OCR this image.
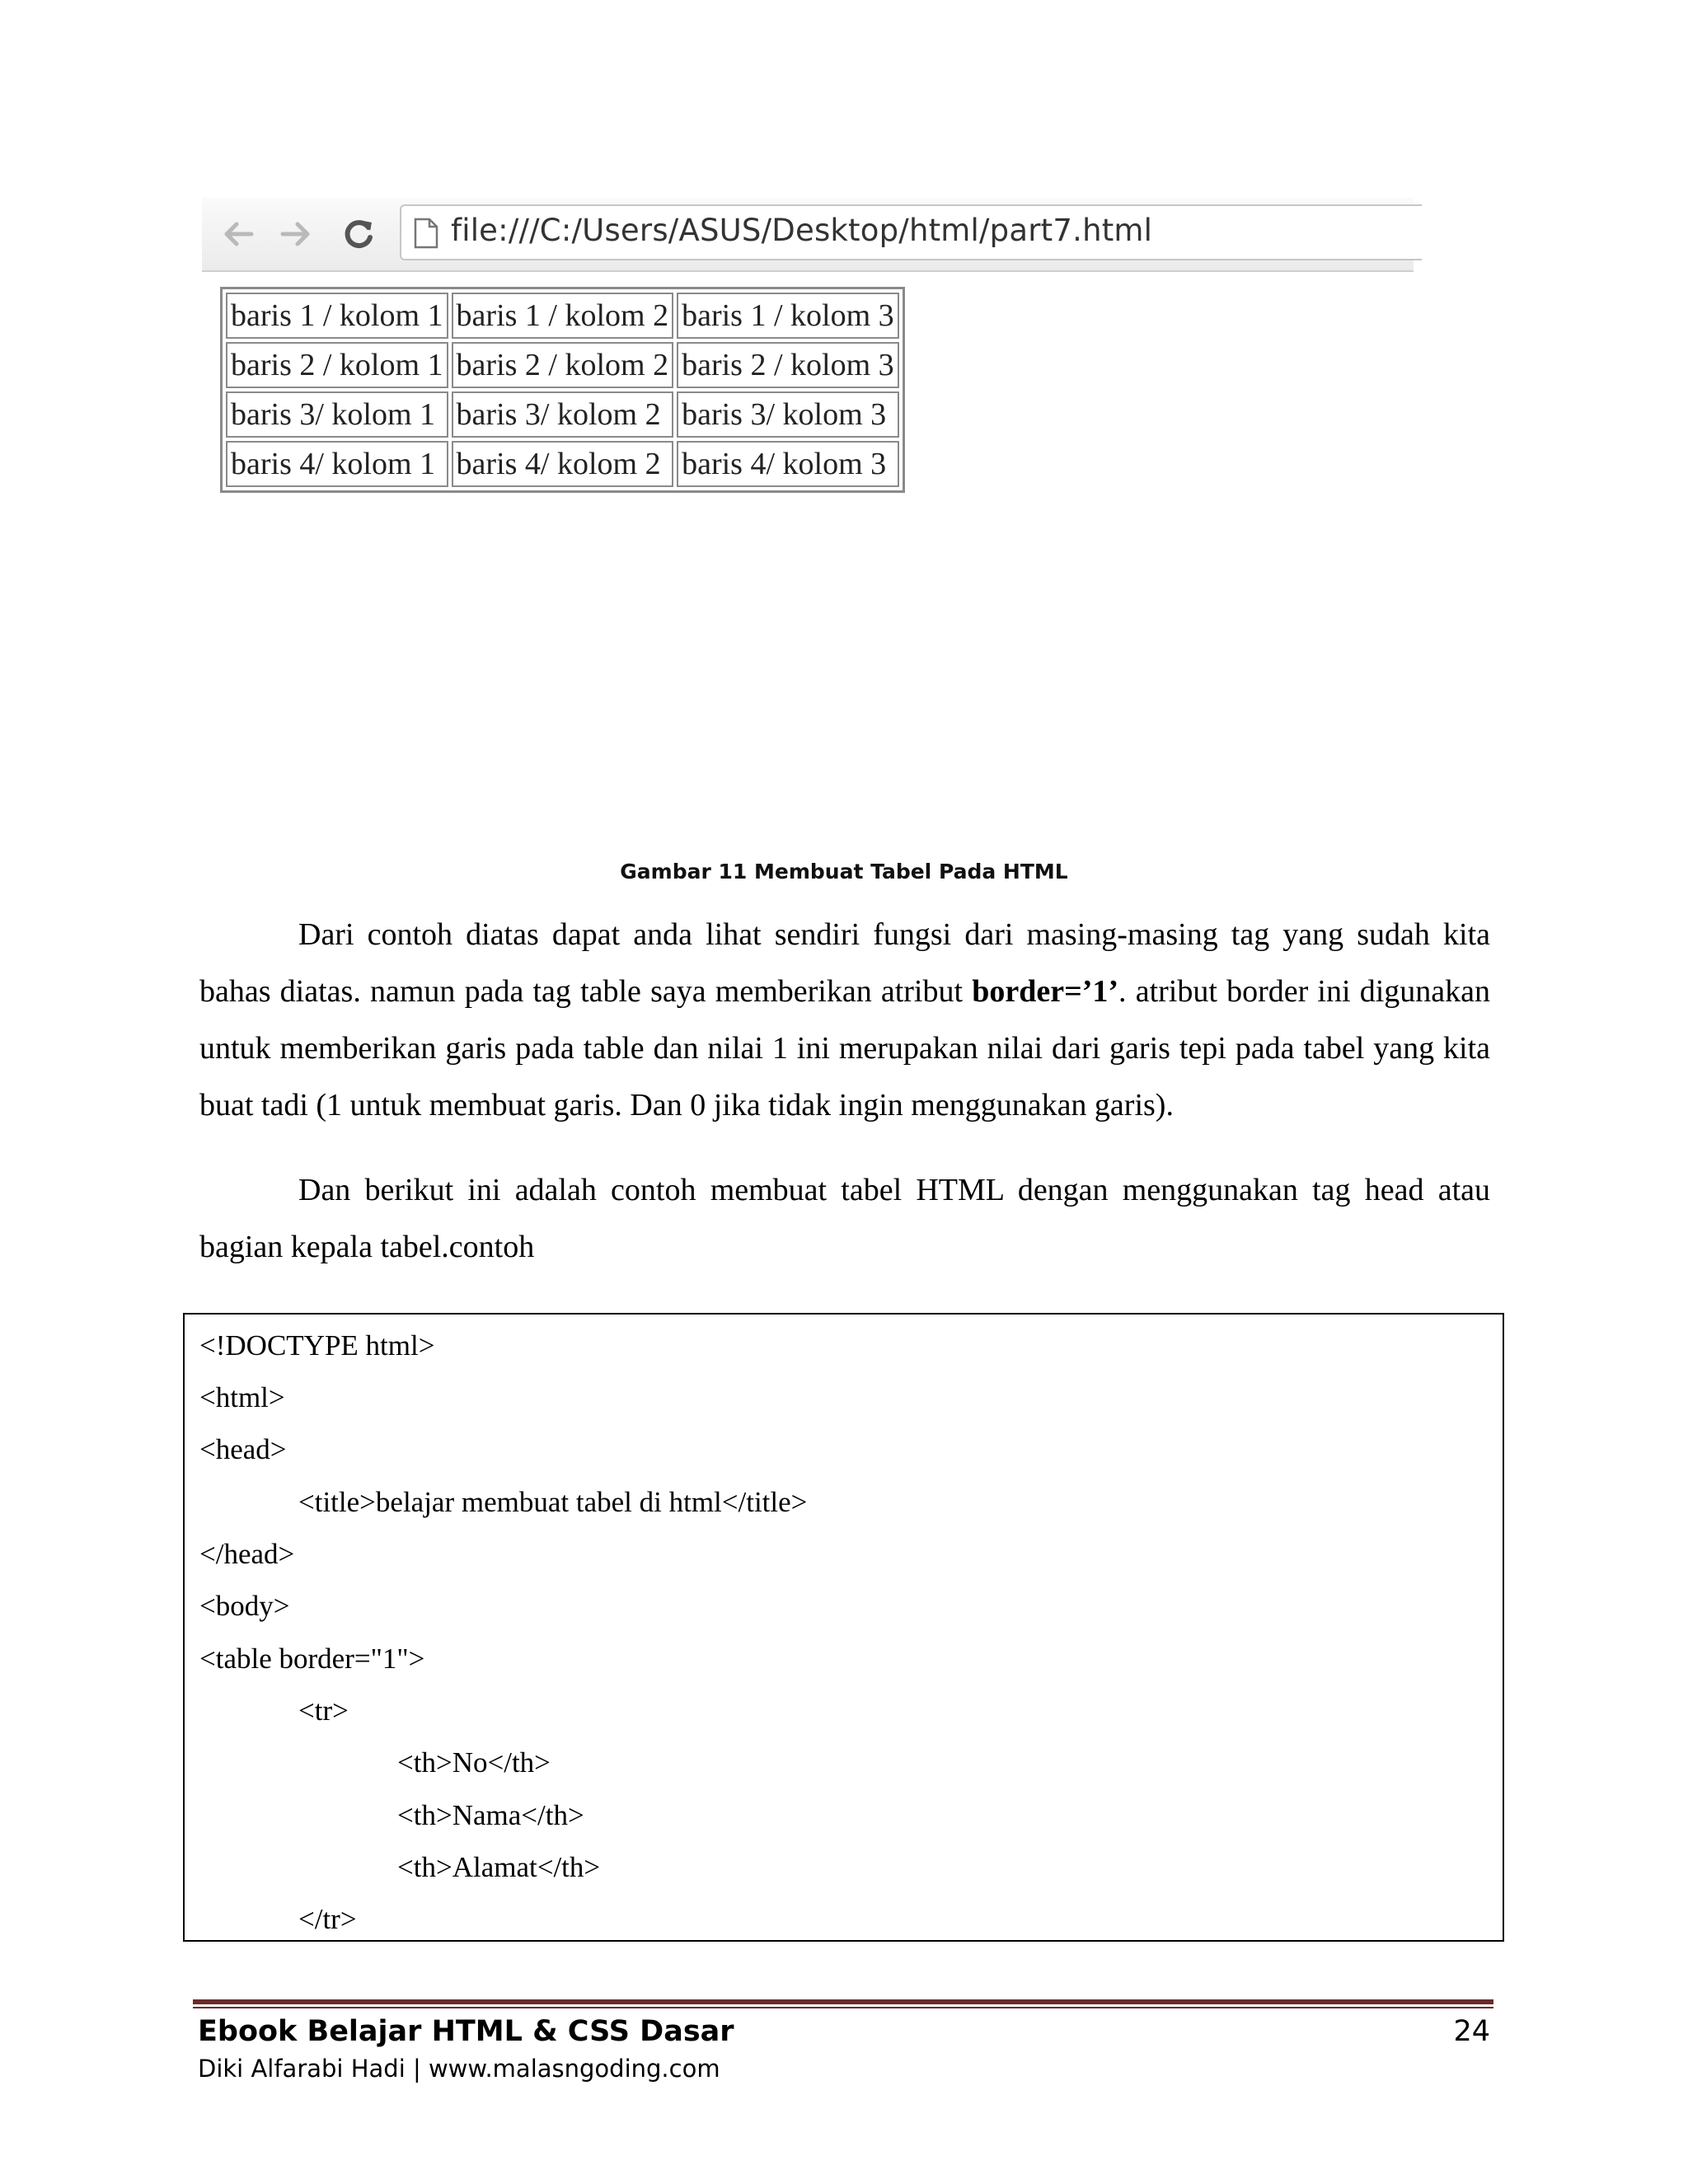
file:///C:/Users/ASUS/Desktop/html/part7.html
baris 1 / kolom 1	baris 1 / kolom 2	baris 1 / kolom 3
baris 2 / kolom 1	baris 2 / kolom 2	baris 2 / kolom 3
baris 3/ kolom 1	baris 3/ kolom 2	baris 3/ kolom 3
baris 4/ kolom 1	baris 4/ kolom 2	baris 4/ kolom 3
Gambar 11 Membuat Tabel Pada HTML

Dari contoh diatas dapat anda lihat sendiri fungsi dari masing-masing tag yang sudah kita bahas diatas. namun pada tag table saya memberikan atribut border=’1’. atribut border ini digunakan untuk memberikan garis pada table dan nilai 1 ini merupakan nilai dari garis tepi pada tabel yang kita buat tadi (1 untuk membuat garis. Dan 0 jika tidak ingin menggunakan garis).

Dan berikut ini adalah contoh membuat tabel HTML dengan menggunakan tag head atau bagian kepala tabel.contoh

<!DOCTYPE html>
<html>
<head>
<title>belajar membuat tabel di html</title>
</head>
<body>
<table border="1">
<tr>
<th>No</th>
<th>Nama</th>
<th>Alamat</th>
</tr>
Ebook Belajar HTML & CSS Dasar	24
Diki Alfarabi Hadi | www.malasngoding.com
